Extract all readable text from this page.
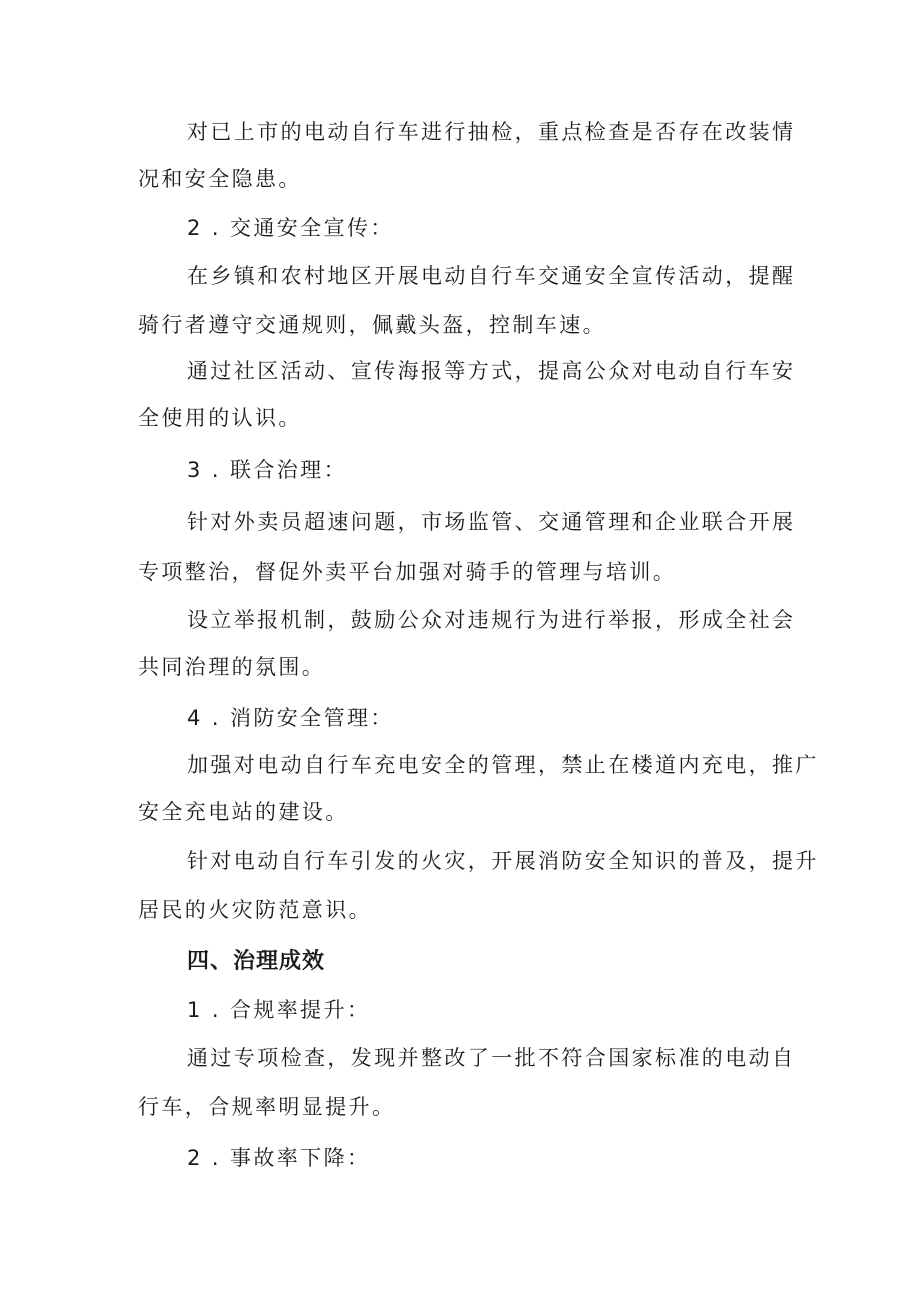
对已上市的电动自行车进行抽检，重点检查是否存在改装情
况和安全隐患。
2 . 交通安全宣传：
在乡镇和农村地区开展电动自行车交通安全宣传活动，提醒
骑行者遵守交通规则，佩戴头盔，控制车速。
通过社区活动、宣传海报等方式，提高公众对电动自行车安
全使用的认识。
3 . 联合治理：
针对外卖员超速问题，市场监管、交通管理和企业联合开展
专项整治，督促外卖平台加强对骑手的管理与培训。
设立举报机制，鼓励公众对违规行为进行举报，形成全社会
共同治理的氛围。
4 . 消防安全管理：
加强对电动自行车充电安全的管理，禁止在楼道内充电，推广
安全充电站的建设。
针对电动自行车引发的火灾，开展消防安全知识的普及，提升
居民的火灾防范意识。
四、治理成效
1 . 合规率提升：
通过专项检查，发现并整改了一批不符合国家标准的电动自
行车，合规率明显提升。
2 . 事故率下降：
